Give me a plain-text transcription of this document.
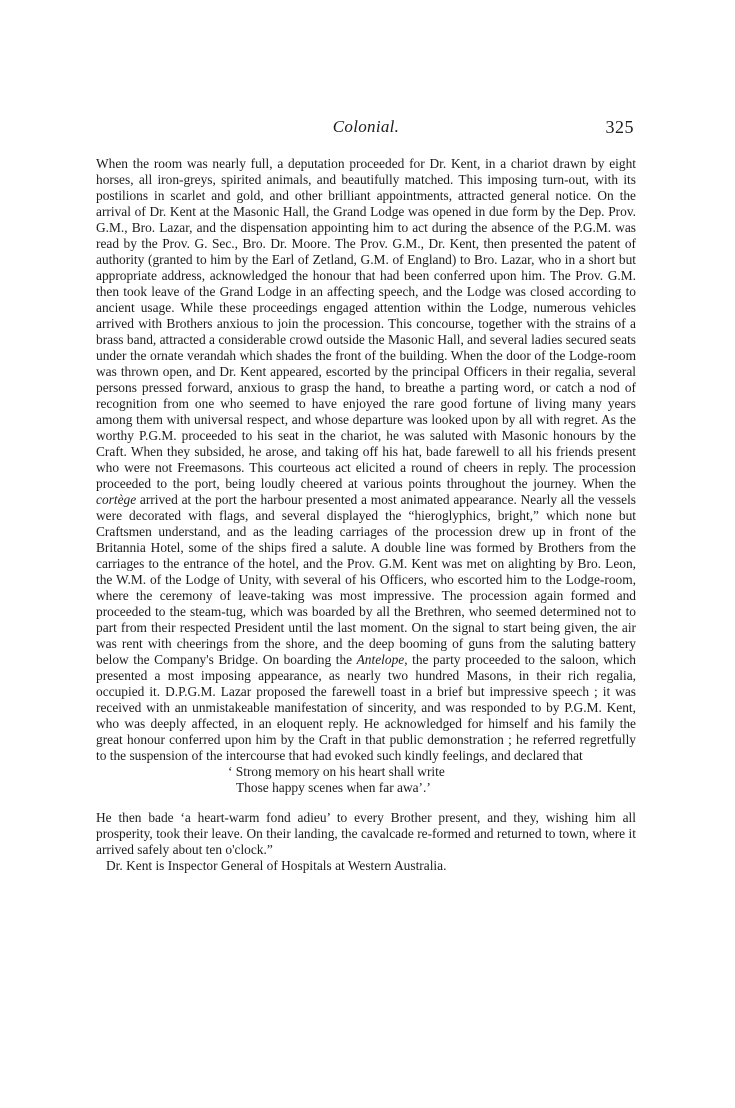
Colonial.	325

When the room was nearly full, a deputation proceeded for Dr. Kent, in a chariot drawn by eight horses, all iron-greys, spirited animals, and beautifully matched. This imposing turn-out, with its postilions in scarlet and gold, and other brilliant appointments, attracted general notice. On the arrival of Dr. Kent at the Masonic Hall, the Grand Lodge was opened in due form by the Dep. Prov. G.M., Bro. Lazar, and the dispensation appointing him to act during the absence of the P.G.M. was read by the Prov. G. Sec., Bro. Dr. Moore. The Prov. G.M., Dr. Kent, then presented the patent of authority (granted to him by the Earl of Zetland, G.M. of England) to Bro. Lazar, who in a short but appropriate address, acknowledged the honour that had been conferred upon him. The Prov. G.M. then took leave of the Grand Lodge in an affecting speech, and the Lodge was closed according to ancient usage. While these proceedings engaged attention within the Lodge, numerous vehicles arrived with Brothers anxious to join the procession. This concourse, together with the strains of a brass band, attracted a considerable crowd outside the Masonic Hall, and several ladies secured seats under the ornate verandah which shades the front of the building. When the door of the Lodge-room was thrown open, and Dr. Kent appeared, escorted by the principal Officers in their regalia, several persons pressed forward, anxious to grasp the hand, to breathe a parting word, or catch a nod of recognition from one who seemed to have enjoyed the rare good fortune of living many years among them with universal respect, and whose departure was looked upon by all with regret. As the worthy P.G.M. proceeded to his seat in the chariot, he was saluted with Masonic honours by the Craft. When they subsided, he arose, and taking off his hat, bade farewell to all his friends present who were not Freemasons. This courteous act elicited a round of cheers in reply. The procession proceeded to the port, being loudly cheered at various points throughout the journey. When the cortège arrived at the port the harbour presented a most animated appearance. Nearly all the vessels were decorated with flags, and several displayed the “hieroglyphics, bright,” which none but Craftsmen understand, and as the leading carriages of the procession drew up in front of the Britannia Hotel, some of the ships fired a salute. A double line was formed by Brothers from the carriages to the entrance of the hotel, and the Prov. G.M. Kent was met on alighting by Bro. Leon, the W.M. of the Lodge of Unity, with several of his Officers, who escorted him to the Lodge-room, where the ceremony of leave-taking was most impressive. The procession again formed and proceeded to the steam-tug, which was boarded by all the Brethren, who seemed determined not to part from their respected President until the last moment. On the signal to start being given, the air was rent with cheerings from the shore, and the deep booming of guns from the saluting battery below the Company's Bridge. On boarding the Antelope, the party proceeded to the saloon, which presented a most imposing appearance, as nearly two hundred Masons, in their rich regalia, occupied it. D.P.G.M. Lazar proposed the farewell toast in a brief but impressive speech ; it was received with an unmistakeable manifestation of sincerity, and was responded to by P.G.M. Kent, who was deeply affected, in an eloquent reply. He acknowledged for himself and his family the great honour conferred upon him by the Craft in that public demonstration ; he referred regretfully to the suspension of the intercourse that had evoked such kindly feelings, and declared that

‘ Strong memory on his heart shall write
Those happy scenes when far awa’.’

He then bade ‘a heart-warm fond adieu’ to every Brother present, and they, wishing him all prosperity, took their leave. On their landing, the cavalcade re-formed and returned to town, where it arrived safely about ten o'clock.”

Dr. Kent is Inspector General of Hospitals at Western Australia.
